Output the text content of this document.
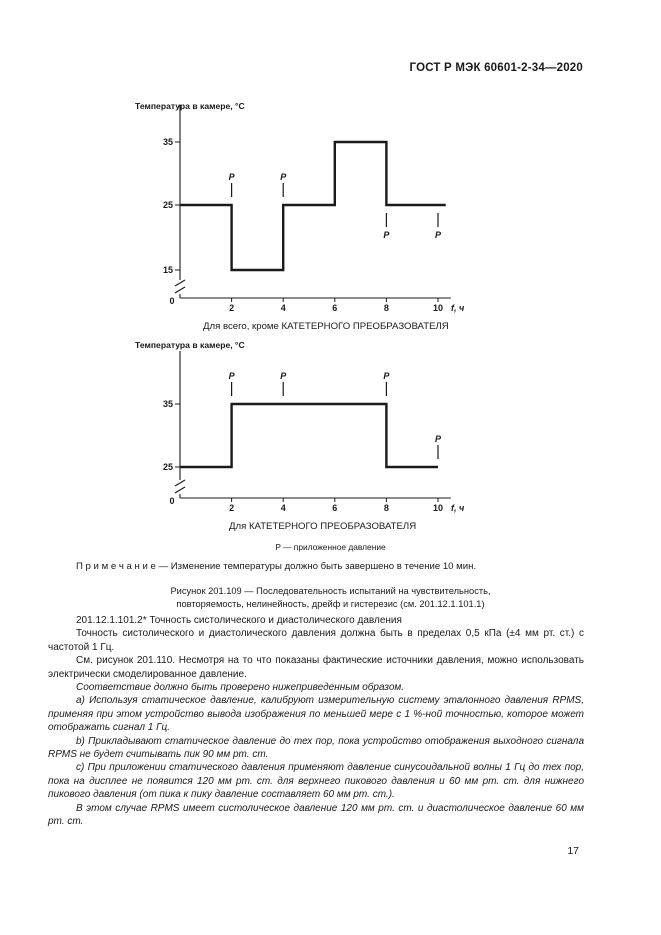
ГОСТ Р МЭК 60601-2-34—2020
Температура в камере, °C
0
2	4	6	8	10 f, ч
15
25
35
P	P
P	P
Для всего, кроме КАТЕТЕРНОГО ПРЕОБРАЗОВАТЕЛЯ
Температура в камере, °C
0
2	4	6	8	10 f, ч
25
35
P	P	P
P
Для КАТЕТЕРНОГО ПРЕОБРАЗОВАТЕЛЯ
P — приложенное давление
П р и м е ч а н и е — Изменение температуры должно быть завершено в течение 10 мин.
Рисунок 201.109 — Последовательность испытаний на чувствительность,
повторяемость, нелинейность, дрейф и гистерезис (см. 201.12.1.101.1)

201.12.1.101.2* Точность систолического и диастолического давления

Точность систолического и диастолического давления должна быть в пределах 0,5 кПа (±4 мм рт. ст.) с частотой 1 Гц.

См. рисунок 201.110. Несмотря на то что показаны фактические источники давления, можно использовать электрически смоделированное давление.

Соответствие должно быть проверено нижеприведенным образом.

a) Используя статическое давление, калибруют измерительную систему эталонного давления RPMS, применяя при этом устройство вывода изображения по меньшей мере с 1 %-ной точностью, которое может отображать сигнал 1 Гц.

b) Прикладывают статическое давление до тех пор, пока устройство отображения выходного сигнала RPMS не будет считывать пик 90 мм рт. ст.

c) При приложении статического давления применяют давление синусоидальной волны 1 Гц до тех пор, пока на дисплее не появится 120 мм рт. ст. для верхнего пикового давления и 60 мм рт. ст. для нижнего пикового давления (от пика к пику давление составляет 60 мм рт. ст.).

В этом случае RPMS имеет систолическое давление 120 мм рт. ст. и диастолическое давление 60 мм рт. ст.

17
